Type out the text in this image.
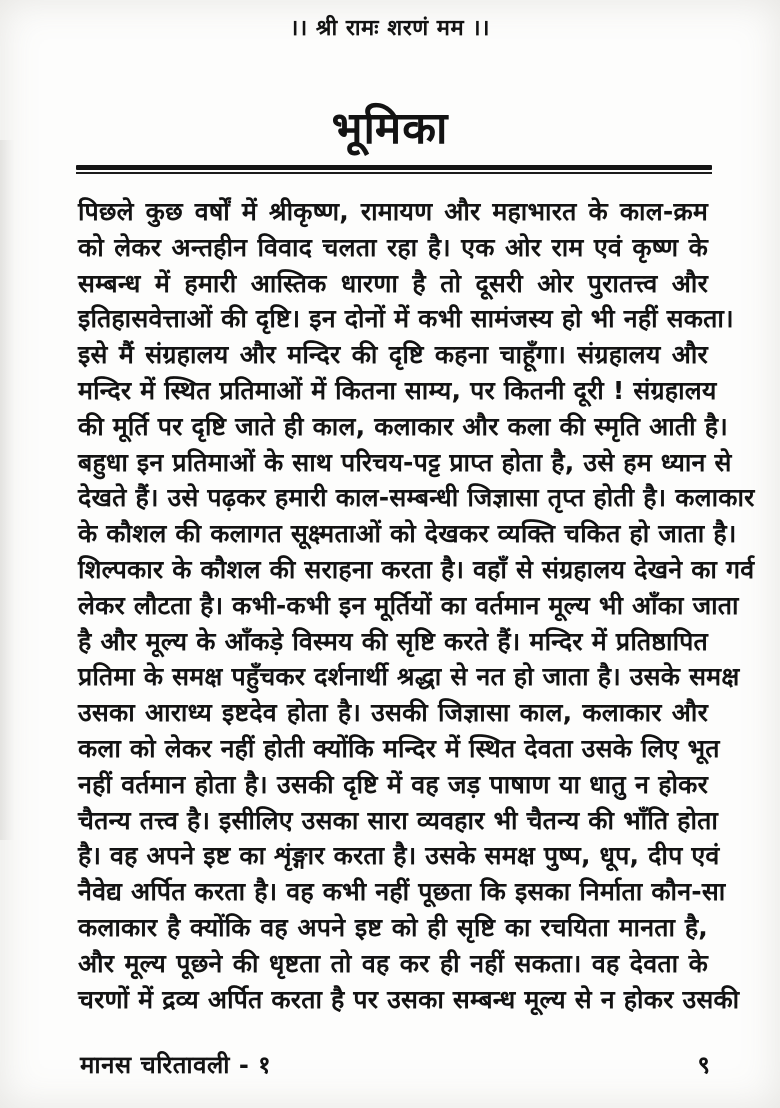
।। श्री रामः शरणं मम ।।
भूमिका
पिछले कुछ वर्षों में श्रीकृष्ण, रामायण और महाभारत के काल-क्रम
को लेकर अन्तहीन विवाद चलता रहा है। एक ओर राम एवं कृष्ण के
सम्बन्ध में हमारी आस्तिक धारणा है तो दूसरी ओर पुरातत्त्व और
इतिहासवेत्ताओं की दृष्टि। इन दोनों में कभी सामंजस्य हो भी नहीं सकता।
इसे मैं संग्रहालय और मन्दिर की दृष्टि कहना चाहूँगा। संग्रहालय और
मन्दिर में स्थित प्रतिमाओं में कितना साम्य, पर कितनी दूरी ! संग्रहालय
की मूर्ति पर दृष्टि जाते ही काल, कलाकार और कला की स्मृति आती है।
बहुधा इन प्रतिमाओं के साथ परिचय-पट्ट प्राप्त होता है, उसे हम ध्यान से
देखते हैं। उसे पढ़कर हमारी काल-सम्बन्धी जिज्ञासा तृप्त होती है। कलाकार
के कौशल की कलागत सूक्ष्मताओं को देखकर व्यक्ति चकित हो जाता है।
शिल्पकार के कौशल की सराहना करता है। वहाँ से संग्रहालय देखने का गर्व
लेकर लौटता है। कभी-कभी इन मूर्तियों का वर्तमान मूल्य भी आँका जाता
है और मूल्य के आँकड़े विस्मय की सृष्टि करते हैं। मन्दिर में प्रतिष्ठापित
प्रतिमा के समक्ष पहुँचकर दर्शनार्थी श्रद्धा से नत हो जाता है। उसके समक्ष
उसका आराध्य इष्टदेव होता है। उसकी जिज्ञासा काल, कलाकार और
कला को लेकर नहीं होती क्योंकि मन्दिर में स्थित देवता उसके लिए भूत
नहीं वर्तमान होता है। उसकी दृष्टि में वह जड़ पाषाण या धातु न होकर
चैतन्य तत्त्व है। इसीलिए उसका सारा व्यवहार भी चैतन्य की भाँति होता
है। वह अपने इष्ट का शृंङ्गार करता है। उसके समक्ष पुष्प, धूप, दीप एवं
नैवेद्य अर्पित करता है। वह कभी नहीं पूछता कि इसका निर्माता कौन-सा
कलाकार है क्योंकि वह अपने इष्ट को ही सृष्टि का रचयिता मानता है,
और मूल्य पूछने की धृष्टता तो वह कर ही नहीं सकता। वह देवता के
चरणों में द्रव्य अर्पित करता है पर उसका सम्बन्ध मूल्य से न होकर उसकी
मानस चरितावली - १	९
